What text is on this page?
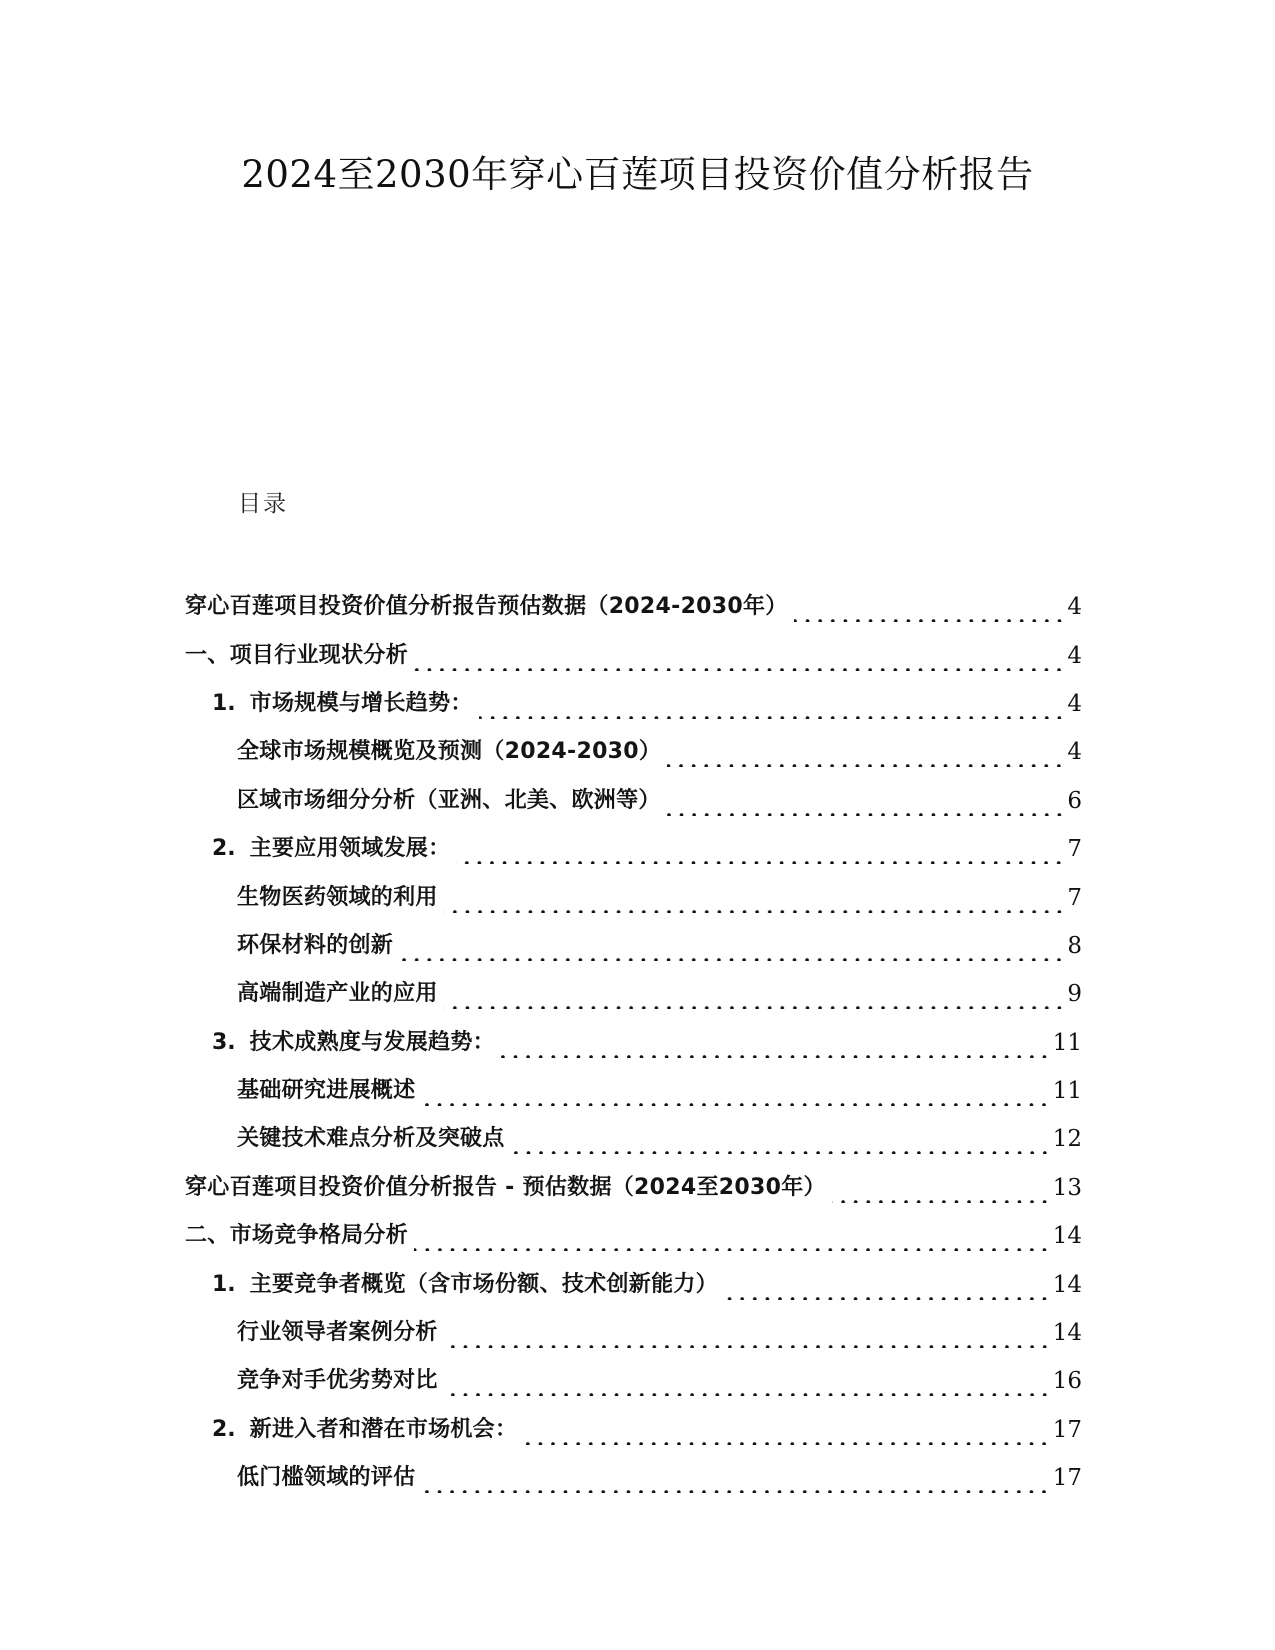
2024至2030年穿心百莲项目投资价值分析报告
目录
穿心百莲项目投资价值分析报告预估数据（2024-2030年）	4
一、项目行业现状分析	4
1. 市场规模与增长趋势：	4
全球市场规模概览及预测（2024-2030）	4
区域市场细分分析（亚洲、北美、欧洲等）	6
2. 主要应用领域发展：	7
生物医药领域的利用	7
环保材料的创新	8
高端制造产业的应用	9
3. 技术成熟度与发展趋势：	11
基础研究进展概述	11
关键技术难点分析及突破点	12
穿心百莲项目投资价值分析报告 - 预估数据（2024至2030年）	13
二、市场竞争格局分析	14
1. 主要竞争者概览（含市场份额、技术创新能力）	14
行业领导者案例分析	14
竞争对手优劣势对比	16
2. 新进入者和潜在市场机会：	17
低门槛领域的评估	17
